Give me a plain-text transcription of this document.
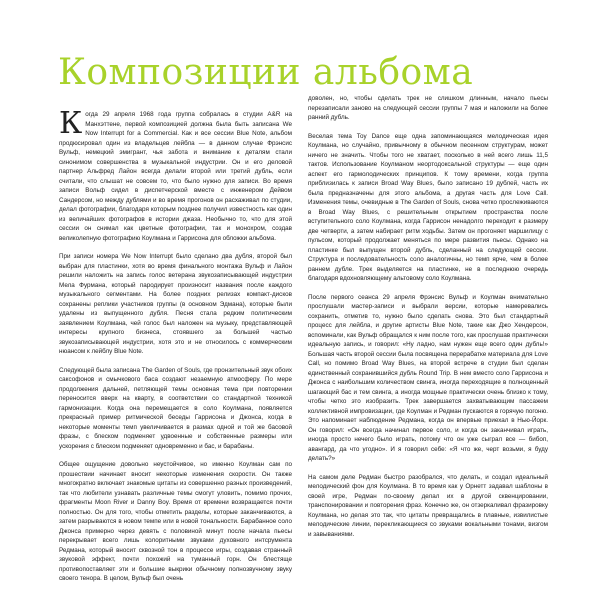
Композиции альбома

Когда 29 апреля 1968 года группа собралась в студии A&R на Манхэттене, первой композицией должна была быть записана We Now Interrupt for a Commercial. Как и все сессии Blue Note, альбом продюсировал один из владельцев лейбла — в данном случае Фрэнсис Вульф, немецкий эмигрант, чья забота и внимание к деталям стали синонимом совершенства в музыкальной индустрии. Он и его деловой партнер Альфред Лайон всегда делали второй или третий дубль, если считали, что слышат не совсем то, что было нужно для записи. Во время записи Вольф сидел в диспетчерской вместе с инженером Дейвом Сандерсом, но между дублями и во время прогонов он расхаживал по студии, делал фотографии, благодаря которым позднее получил известность как один из величайших фотографов в истории джаза. Необычно то, что для этой сессии он снимал как цветные фотографии, так и монохром, создав великолепную фотографию Коулмана и Гаррисона для обложки альбома.

При записи номера We Now Interrupt было сделано два дубля, второй был выбран для пластинки, хотя во время финального монтажа Вульф и Лайон решили наложить на запись голос ветерана звукозаписывающей индустрии Мела Фурмана, который пародирует произносит названия после каждого музыкального сегментами. На более поздних релизах компакт-дисков сохранены реплики участников группы (в основном Эдмана), которые были удалены из выпущенного дубля. Песня стала редким политическим заявлением Коулмана, чей голос был наложен на музыку, представляющей интересы крупного бизнеса, стоявшего за большей частью звукозаписывающей индустрии, хотя это и не относилось с коммерческим нюансом к лейблу Blue Note.

Следующей была записана The Garden of Souls, где пронзительный звук обоих саксофонов и смычкового баса создают незаемную атмосферу. По мере продолжения дальней, петляющей темы основная тема при повторении переносится вверх на кварту, в соответствии со стандартной техникой гармонизации. Когда она перемещается в соло Коулмана, появляется прекрасный пример ритмической беседы Гаррисона и Джонса, когда в некоторые моменты темп увеличивается в размах одной и той же басовой фразы, с блеском подменяет удвоенные и собственные размеры или ускорения с блеском подменяет одновременно и бас, и барабаны.

Общее ощущение довольно неустойчивое, но именно Коулман сам по прошествии начинает вносит некоторые изменения скорости. Он также многократно включает знакомые цитаты из совершенно разных произведений, так что любители узнавать различные темы смогут уловить, помимо прочих, фрагменты Moon River и Danny Boy. Время от времени возвращается почти полностью. Он для того, чтобы отметить разделы, которые заканчиваются, а затем разрываются в новом темпе или в новой тональности. Барабанное соло Джонса примерно через девять с половиной минут после начала пьесы перекрывает всего лишь колоритными звуками духовного интсрумента Редмана, который вносит сквозной тон в процессе игры, создавая странный звуковой эффект, почти похожий на туманный горн. Он блестяще противопоставляет эти и большие выкрики обычному полнозвучному звуку своего тенора. В целом, Вульф был очень

доволен, но, чтобы сделать трек не слишком длинным, начало пьесы перезаписали заново на следующей сессии группы 7 мая и наложили на более ранний дубль.

Веселая тема Toy Dance еще одна запоминающаяся мелодическая идея Коулмана, но случайно, привычному в обычном песенном структурам, может ничего не значить. Чтобы того не хватает, посколько в ней всего лишь 11,5 тактов. Использование Коулманом неортодоксальной структуры — еще один аспект его гармолодических принципов. К тому времени, когда группа приблизилась к записи Broad Way Blues, было записано 19 дублей, часть их была предназначены для этого альбома, а другая часть для Love Call. Изменения темы, очевидные в The Garden of Souls, снова четко прослеживаются в Broad Way Blues, с решительным открытием пространства после вступительного соло Коулмана, когда Гаррисон ненадолго переходит к размеру две четверти, а затем набирает ритм ходьбы. Затем он прогоняет маршилицу с пульсом, который продолжает меняться по мере развития пьесы. Однако на пластинке был выпущен второй дубль, сделанный на следующей сессии. Структура и последовательность соло аналогичны, но темп ярче, чем в более раннем дубле. Трек выделяется на пластинке, не в последнюю очередь благодаря вдохновляющему альтовому соло Коулмана.

После первого сеанса 29 апреля Фрэнсис Вульф и Коулман внимательно прослушали мастер-записи и выбрали версии, которые намеревались сохранить, отметив то, нужно было сделать снова. Это был стандартный процесс для лейбла, и другие артисты Blue Note, такие как Джо Хендерсон, вспоминали, как Вульф обращался к ним после того, как прослушав практически идеальную запись, и говорил: «Ну ладно, нам нужен еще всего один дубль!» Большая часть второй сессии была посвящена перерабатке материала для Love Call, но помимо Broad Way Blues, на второй встрече в студии был сделан единственный сохранившийся дубль Round Trip. В нем вместо соло Гаррисона и Джонса с наибольшим количеством свинга, иногда переходящие в полноценный шагающий бас и тем свинга, а иногда мощные практически очень близко к тому, чтобы четко это изобразить. Трек завершается захватывающим пассажем коллективной импровизации, где Коулман и Редман пускаются в горячую погоню. Это напоминает наблюдение Редмана, когда он впервые приехал в Нью-Йорк. Он говорил: «Он всегда начинал первое соло, и когда он заканчивал играть, иногда просто нечего было играть, потому что он уже сыграл все — бибоп, авангард, да что угодно». И я говорил себе: «Я что же, черт возьми, я буду делать?»

На самом деле Редман быстро разобрался, что делать, и создал идеальный мелодический фон для Коулмана. В то время как у Орнетт задавал шаблоны в своей игре, Редман по-своему делал их в другой сквенцировании, транспонировании и повторения фраз. Конечно же, он отзеркаливал фразировку Коулмана, но делая это так, что цитаты превращались в плавные, извилистые мелодические линии, перекликающиеся со звуками вокальными тонами, визгом и завываниями.
